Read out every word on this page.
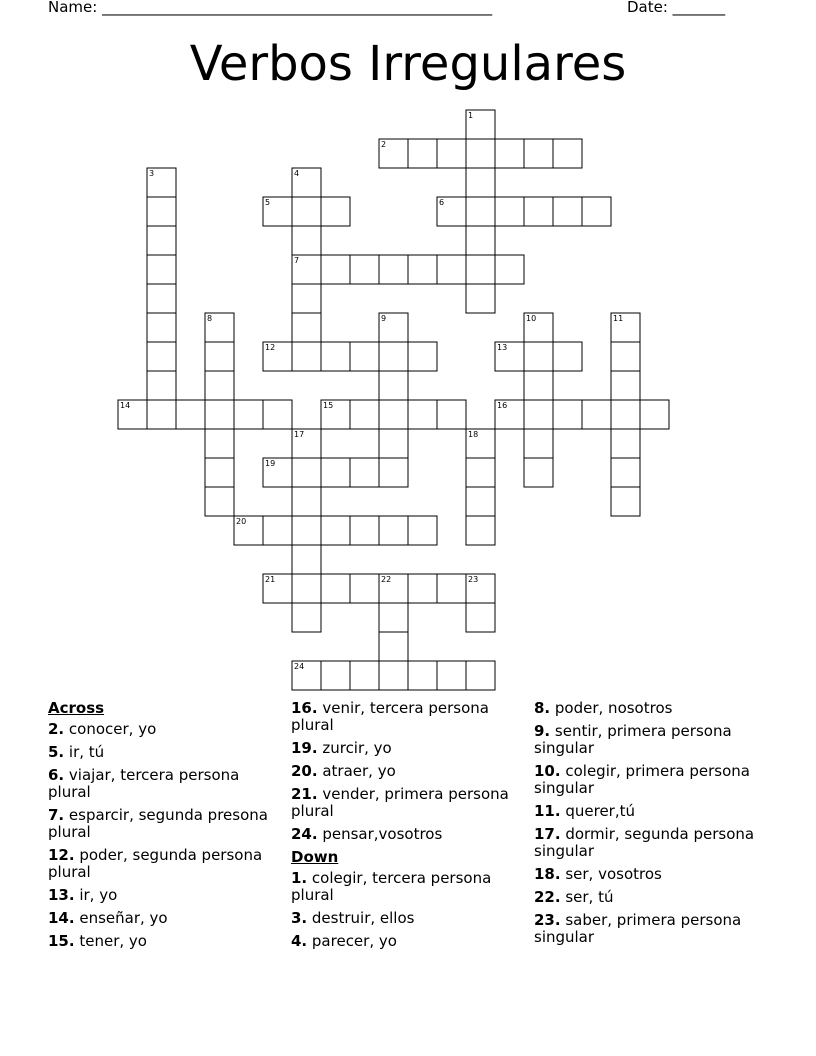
Name: ____________________________________________________	Date: _______
Verbos Irregulares
1
2
3	4
5	6
7
8	9	10	11
12	13
14	15	16
17	18
19
20
21	22	23
24
Across
2. conocer, yo
5. ir, tú
6. viajar, tercera persona plural
7. esparcir, segunda presona plural
12. poder, segunda persona plural
13. ir, yo
14. enseñar, yo
15. tener, yo
16. venir, tercera persona plural
19. zurcir, yo
20. atraer, yo
21. vender, primera persona plural
24. pensar,vosotros
Down
1. colegir, tercera persona plural
3. destruir, ellos
4. parecer, yo
8. poder, nosotros
9. sentir, primera persona singular
10. colegir, primera persona singular
11. querer,tú
17. dormir, segunda persona singular
18. ser, vosotros
22. ser, tú
23. saber, primera persona singular
